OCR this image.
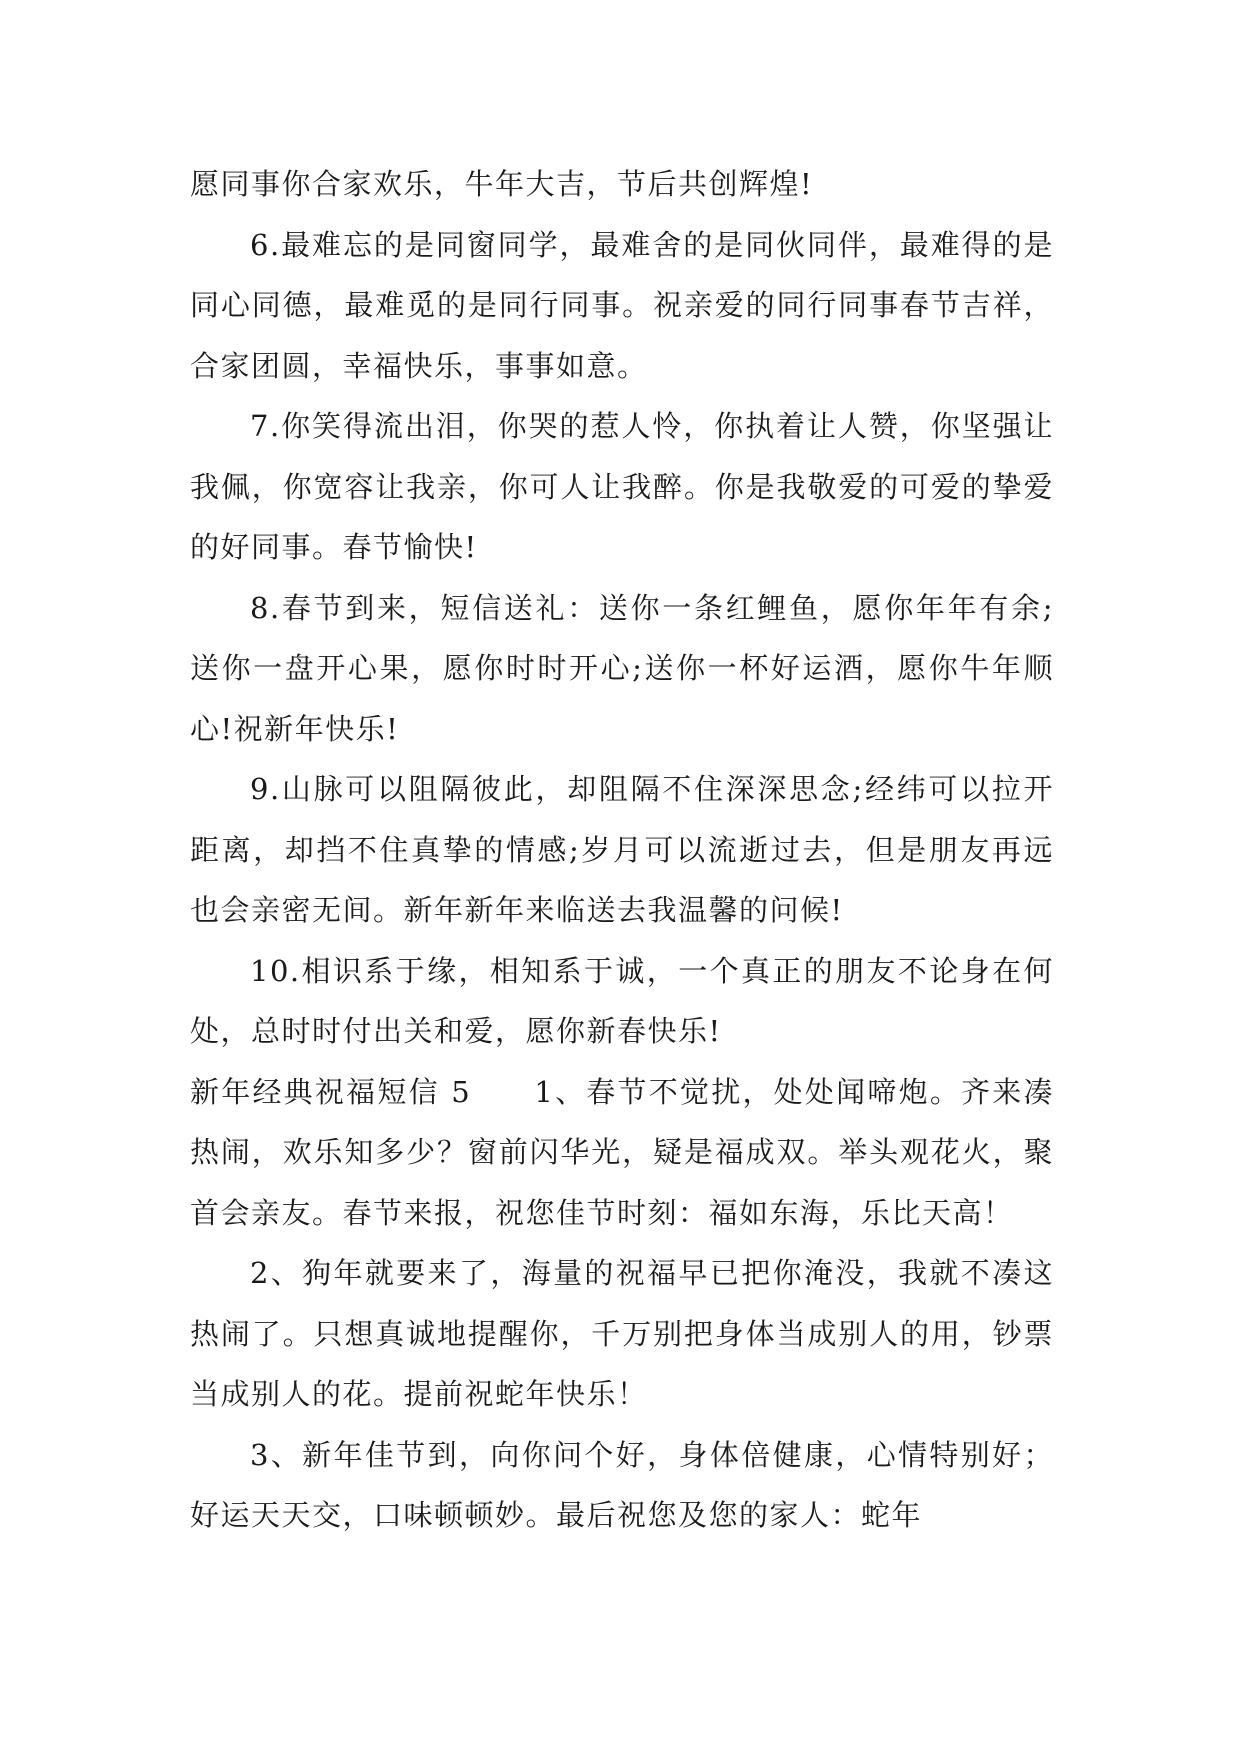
愿同事你合家欢乐，牛年大吉，节后共创辉煌!

6.最难忘的是同窗同学，最难舍的是同伙同伴，最难得的是同心同德，最难觅的是同行同事。祝亲爱的同行同事春节吉祥，合家团圆，幸福快乐，事事如意。

7.你笑得流出泪，你哭的惹人怜，你执着让人赞，你坚强让我佩，你宽容让我亲，你可人让我醉。你是我敬爱的可爱的挚爱的好同事。春节愉快!

8.春节到来，短信送礼：送你一条红鲤鱼，愿你年年有余;送你一盘开心果，愿你时时开心;送你一杯好运酒，愿你牛年顺心!祝新年快乐!

9.山脉可以阻隔彼此，却阻隔不住深深思念;经纬可以拉开距离，却挡不住真挚的情感;岁月可以流逝过去，但是朋友再远也会亲密无间。新年新年来临送去我温馨的问候!

10.相识系于缘，相知系于诚，一个真正的朋友不论身在何处，总时时付出关和爱，愿你新春快乐!

新年经典祝福短信 5　　1、春节不觉扰，处处闻啼炮。齐来凑热闹，欢乐知多少？窗前闪华光，疑是福成双。举头观花火，聚首会亲友。春节来报，祝您佳节时刻：福如东海，乐比天高！

2、狗年就要来了，海量的祝福早已把你淹没，我就不凑这热闹了。只想真诚地提醒你，千万别把身体当成别人的用，钞票当成别人的花。提前祝蛇年快乐！

3、新年佳节到，向你问个好，身体倍健康，心情特别好；好运天天交，口味顿顿妙。最后祝您及您的家人：蛇年
